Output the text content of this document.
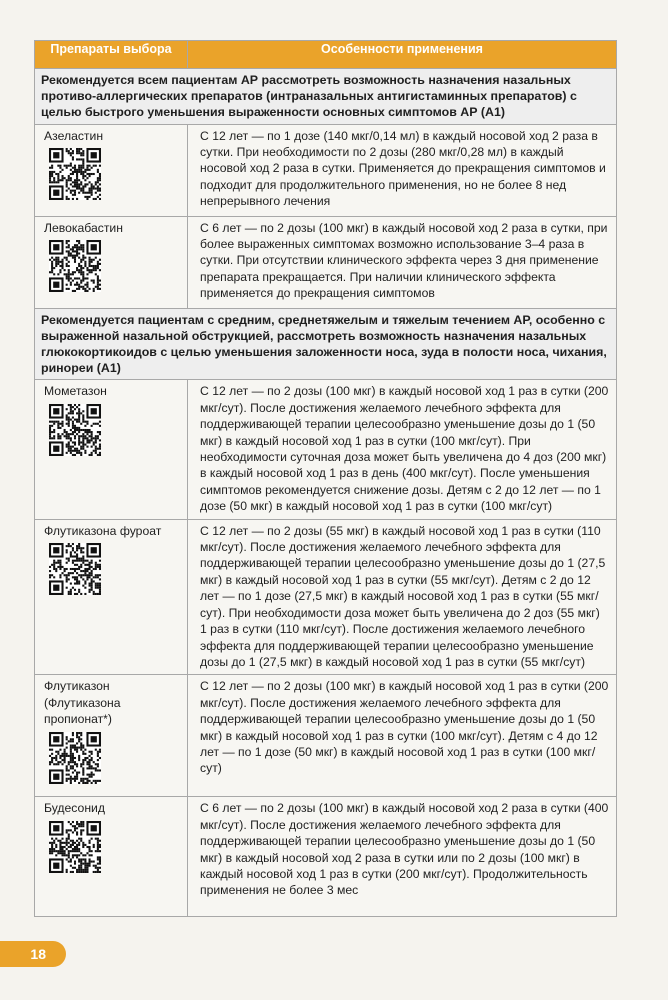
Препараты выбора	Особенности применения
Рекомендуется всем пациентам АР рассмотреть возможность назначения назальных противо-аллергических препаратов (интраназальных антигистаминных препаратов) с целью быстрого уменьшения выраженности основных симптомов АР (A1)	

Азеластин	С 12 лет — по 1 дозе (140 мкг/0,14 мл) в каждый носовой ход 2 раза в сутки. При необходимости по 2 дозы (280 мкг/0,28 мл) в каждый носовой ход 2 раза в сутки. Применяется до прекращения симптомов и подходит для продолжительного применения, но не более 8 нед непрерывного лечения

Левокабастин	С 6 лет — по 2 дозы (100 мкг) в каждый носовой ход 2 раза в сутки, при более выраженных симптомах возможно использование 3–4 раза в сутки. При отсутствии клинического эффекта через 3 дня применение препарата прекращается. При наличии клинического эффекта применяется до прекращения симптомов
Рекомендуется пациентам с средним, среднетяжелым и тяжелым течением АР, особенно с выраженной назальной обструкцией, рассмотреть возможность назначения назальных глюкокортикоидов с целью уменьшения заложенности носа, зуда в полости носа, чихания, ринореи (A1)	

Мометазон	С 12 лет — по 2 дозы (100 мкг) в каждый носовой ход 1 раз в сутки (200 мкг/сут). После достижения желаемого лечебного эффекта для поддерживающей терапии целесообразно уменьшение дозы до 1 (50 мкг) в каждый носовой ход 1 раз в сутки (100 мкг/сут). При необходимости суточная доза может быть увеличена до 4 доз (200 мкг) в каждый носовой ход 1 раз в день (400 мкг/сут). После уменьшения симптомов рекомендуется снижение дозы. Детям с 2 до 12 лет — по 1 дозе (50 мкг) в каждый носовой ход 1 раз в сутки (100 мкг/сут)

Флутиказона фуроат	С 12 лет — по 2 дозы (55 мкг) в каждый носовой ход 1 раз в сутки (110 мкг/сут). После достижения желаемого лечебного эффекта для поддерживающей терапии целесообразно уменьшение дозы до 1 (27,5 мкг) в каждый носовой ход 1 раз в сутки (55 мкг/сут). Детям с 2 до 12 лет — по 1 дозе (27,5 мкг) в каждый носовой ход 1 раз в сутки (55 мкг/сут). При необходимости доза может быть увеличена до 2 доз (55 мкг) 1 раз в сутки (110 мкг/сут). После достижения желаемого лечебного эффекта для поддерживающей терапии целесообразно уменьшение дозы до 1 (27,5 мкг) в каждый носовой ход 1 раз в сутки (55 мкг/сут)

Флутиказон (Флутиказона пропионат*)	С 12 лет — по 2 дозы (100 мкг) в каждый носовой ход 1 раз в сутки (200 мкг/сут). После достижения желаемого лечебного эффекта для поддерживающей терапии целесообразно уменьшение дозы до 1 (50 мкг) в каждый носовой ход 1 раз в сутки (100 мкг/сут). Детям с 4 до 12 лет — по 1 дозе (50 мкг) в каждый носовой ход 1 раз в сутки (100 мкг/сут)

Будесонид	С 6 лет — по 2 дозы (100 мкг) в каждый носовой ход 2 раза в сутки (400 мкг/сут). После достижения желаемого лечебного эффекта для поддерживающей терапии целесообразно уменьшение дозы до 1 (50 мкг) в каждый носовой ход 2 раза в сутки или по 2 дозы (100 мкг) в каждый носовой ход 1 раз в сутки (200 мкг/сут). Продолжительность применения не более 3 мес
18
